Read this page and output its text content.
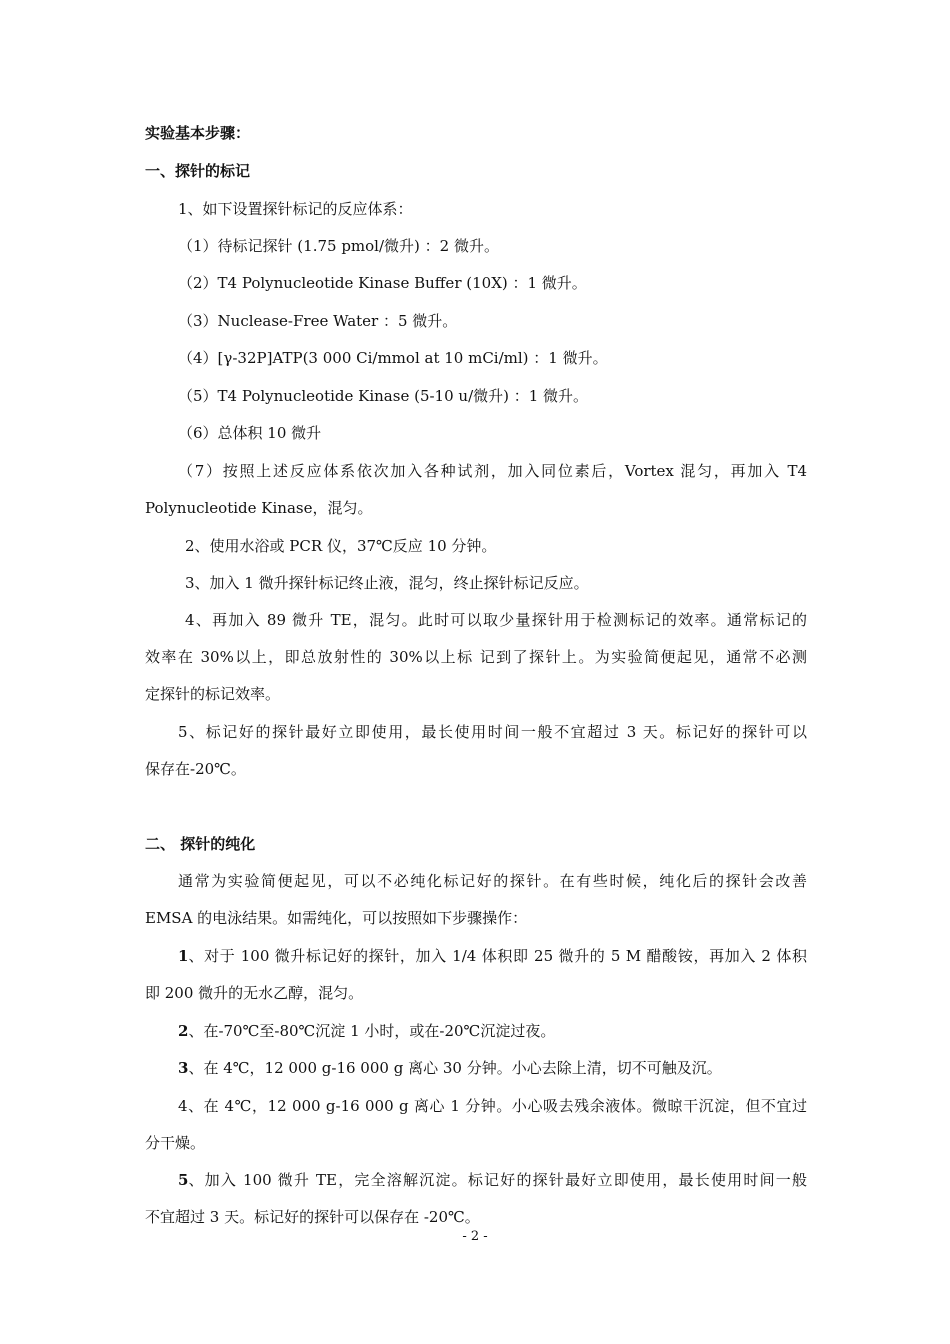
实验基本步骤：
一、探针的标记
1、如下设置探针标记的反应体系：
（1）待标记探针 (1.75 pmol/微升) ：2 微升。
（2）T4 Polynucleotide Kinase Buffer (10X) ：1 微升。
（3）Nuclease-Free Water ：5 微升。
（4）[γ-32P]ATP(3 000 Ci/mmol at 10 mCi/ml) ：1 微升。
（5）T4 Polynucleotide Kinase (5-10 u/微升) ：1 微升。
（6）总体积 10 微升
（7）按照上述反应体系依次加入各种试剂，加入同位素后，Vortex 混匀，再加入 T4
Polynucleotide Kinase，混匀。
2、使用水浴或 PCR 仪，37℃反应 10 分钟。
3、加入 1 微升探针标记终止液，混匀，终止探针标记反应。
4、再加入 89 微升 TE，混匀。此时可以取少量探针用于检测标记的效率。通常标记的
效率在 30%以上，即总放射性的 30%以上标 记到了探针上。为实验简便起见，通常不必测
定探针的标记效率。
5、标记好的探针最好立即使用，最长使用时间一般不宜超过 3 天。标记好的探针可以
保存在-20℃。
二、 探针的纯化
通常为实验简便起见，可以不必纯化标记好的探针。在有些时候，纯化后的探针会改善
EMSA 的电泳结果。如需纯化，可以按照如下步骤操作：
1 、对于 100 微升标记好的探针，加入 1/4 体积即 25 微升的 5 M 醋酸铵，再加入 2 体积
即 200 微升的无水乙醇，混匀。
2、在-70℃至-80℃沉淀 1 小时，或在-20℃沉淀过夜。
3、在 4℃，12 000 g-16 000 g 离心 30 分钟。小心去除上清，切不可触及沉。
4、在 4℃，12 000 g-16 000 g 离心 1 分钟。小心吸去残余液体。微晾干沉淀，但不宜过
分干燥。
5 、加入 100 微升 TE，完全溶解沉淀。标记好的探针最好立即使用，最长使用时间一般
不宜超过 3 天。标记好的探针可以保存在 -20℃。
- 2 -
